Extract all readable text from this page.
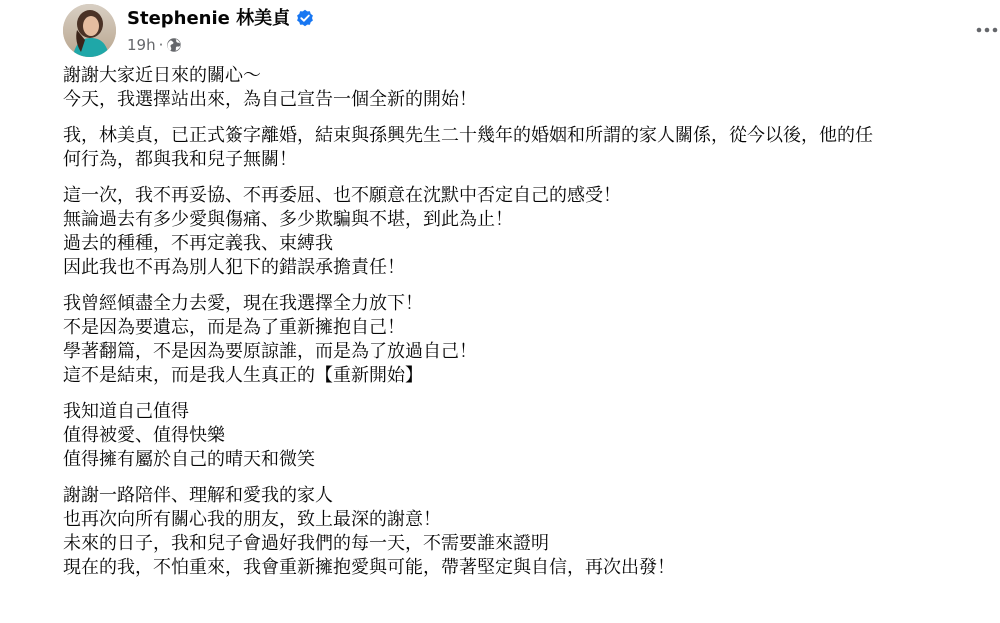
Stephenie 林美貞
19h ·
謝謝大家近日來的關心～
今天，我選擇站出來，為自己宣告一個全新的開始！
我，林美貞，已正式簽字離婚，結束與孫興先生二十幾年的婚姻和所謂的家人關係，從今以後，他的任
何行為，都與我和兒子無關！
這一次，我不再妥協、不再委屈、也不願意在沈默中否定自己的感受！
無論過去有多少愛與傷痛、多少欺騙與不堪，到此為止！
過去的種種，不再定義我、束縛我
因此我也不再為別人犯下的錯誤承擔責任！
我曾經傾盡全力去愛，現在我選擇全力放下！
不是因為要遺忘，而是為了重新擁抱自己！
學著翻篇，不是因為要原諒誰，而是為了放過自己！
這不是結束，而是我人生真正的【重新開始】
我知道自己值得
值得被愛、值得快樂
值得擁有屬於自己的晴天和微笑
謝謝一路陪伴、理解和愛我的家人
也再次向所有關心我的朋友，致上最深的謝意！
未來的日子，我和兒子會過好我們的每一天，不需要誰來證明
現在的我，不怕重來，我會重新擁抱愛與可能，帶著堅定與自信，再次出發！
